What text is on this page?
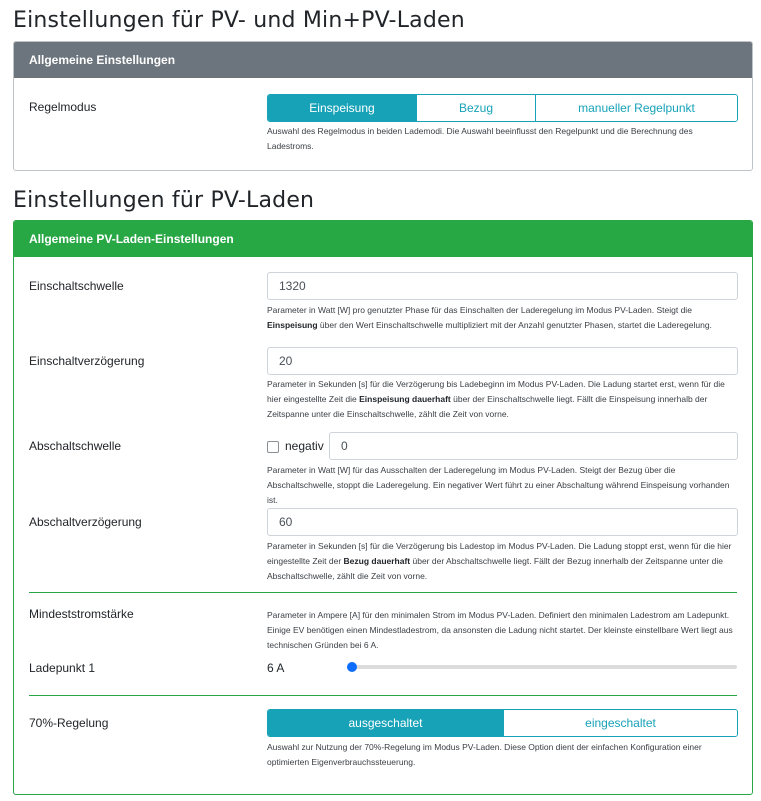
Einstellungen für PV- und Min+PV-Laden
Allgemeine Einstellungen
Regelmodus	Einspeisung	Bezug	manueller Regelpunkt
Auswahl des Regelmodus in beiden Lademodi. Die Auswahl beeinflusst den Regelpunkt und die Berechnung des Ladestroms.
Einstellungen für PV-Laden
Allgemeine PV-Laden-Einstellungen
Einschaltschwelle	1320
Parameter in Watt [W] pro genutzter Phase für das Einschalten der Laderegelung im Modus PV-Laden. Steigt die Einspeisung über den Wert Einschaltschwelle multipliziert mit der Anzahl genutzter Phasen, startet die Laderegelung.
Einschaltverzögerung	20
Parameter in Sekunden [s] für die Verzögerung bis Ladebeginn im Modus PV-Laden. Die Ladung startet erst, wenn für die hier eingestellte Zeit die Einspeisung dauerhaft über der Einschaltschwelle liegt. Fällt die Einspeisung innerhalb der Zeitspanne unter die Einschaltschwelle, zählt die Zeit von vorne.
Abschaltschwelle	negativ	0
Parameter in Watt [W] für das Ausschalten der Laderegelung im Modus PV-Laden. Steigt der Bezug über die Abschaltschwelle, stoppt die Laderegelung. Ein negativer Wert führt zu einer Abschaltung während Einspeisung vorhanden ist.
Abschaltverzögerung	60
Parameter in Sekunden [s] für die Verzögerung bis Ladestop im Modus PV-Laden. Die Ladung stoppt erst, wenn für die hier eingestellte Zeit der Bezug dauerhaft über der Abschaltschwelle liegt. Fällt der Bezug innerhalb der Zeitspanne unter die Abschaltschwelle, zählt die Zeit von vorne.
Mindeststromstärke	Parameter in Ampere [A] für den minimalen Strom im Modus PV-Laden. Definiert den minimalen Ladestrom am Ladepunkt. Einige EV benötigen einen Mindestladestrom, da ansonsten die Ladung nicht startet. Der kleinste einstellbare Wert liegt aus technischen Gründen bei 6 A.
Ladepunkt 1	6 A
70%-Regelung	ausgeschaltet	eingeschaltet
Auswahl zur Nutzung der 70%-Regelung im Modus PV-Laden. Diese Option dient der einfachen Konfiguration einer optimierten Eigenverbrauchssteuerung.
